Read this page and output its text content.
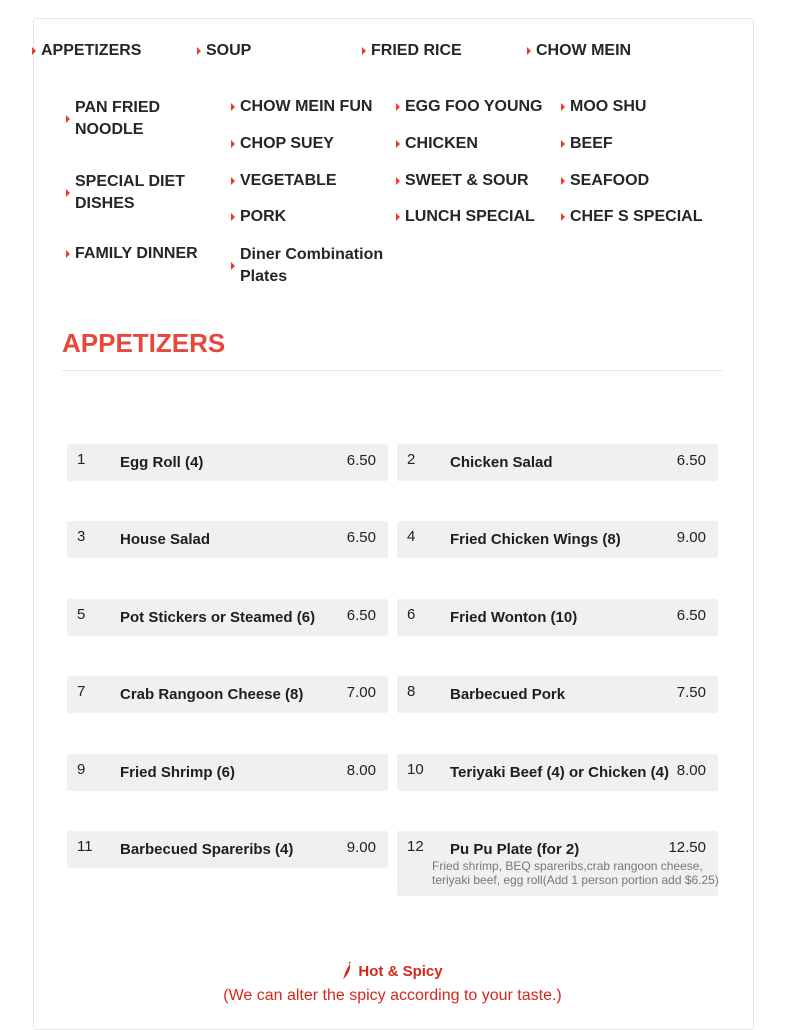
APPETIZERS	SOUP	FRIED RICE	CHOW MEIN
PAN FRIED NOODLE
CHOW MEIN FUN EGG FOO YOUNG MOO SHU
CHOP SUEY	CHICKEN	BEEF
SPECIAL DIET DISHES
VEGETABLE	SWEET & SOUR	SEAFOOD
PORK	LUNCH SPECIAL CHEF S SPECIAL
FAMILY DINNER	Diner Combination Plates
APPETIZERS
1 Egg Roll (4)	6.50 2 Chicken Salad	6.50
3 House Salad	6.50 4 Fried Chicken Wings (8)	9.00
5 Pot Stickers or Steamed (6) 6.50 6 Fried Wonton (10)	6.50
7 Crab Rangoon Cheese (8)	7.00 8 Barbecued Pork	7.50
9 Fried Shrimp (6)	8.00 10 Teriyaki Beef (4) or Chicken (4) 8.00
11 Barbecued Spareribs (4)	9.00 12 Pu Pu Plate (for 2)	12.50
Fried shrimp, BEQ spareribs,crab rangoon cheese, teriyaki beef, egg roll(Add 1 person portion add $6.25)
Hot & Spicy
(We can alter the spicy according to your taste.)
